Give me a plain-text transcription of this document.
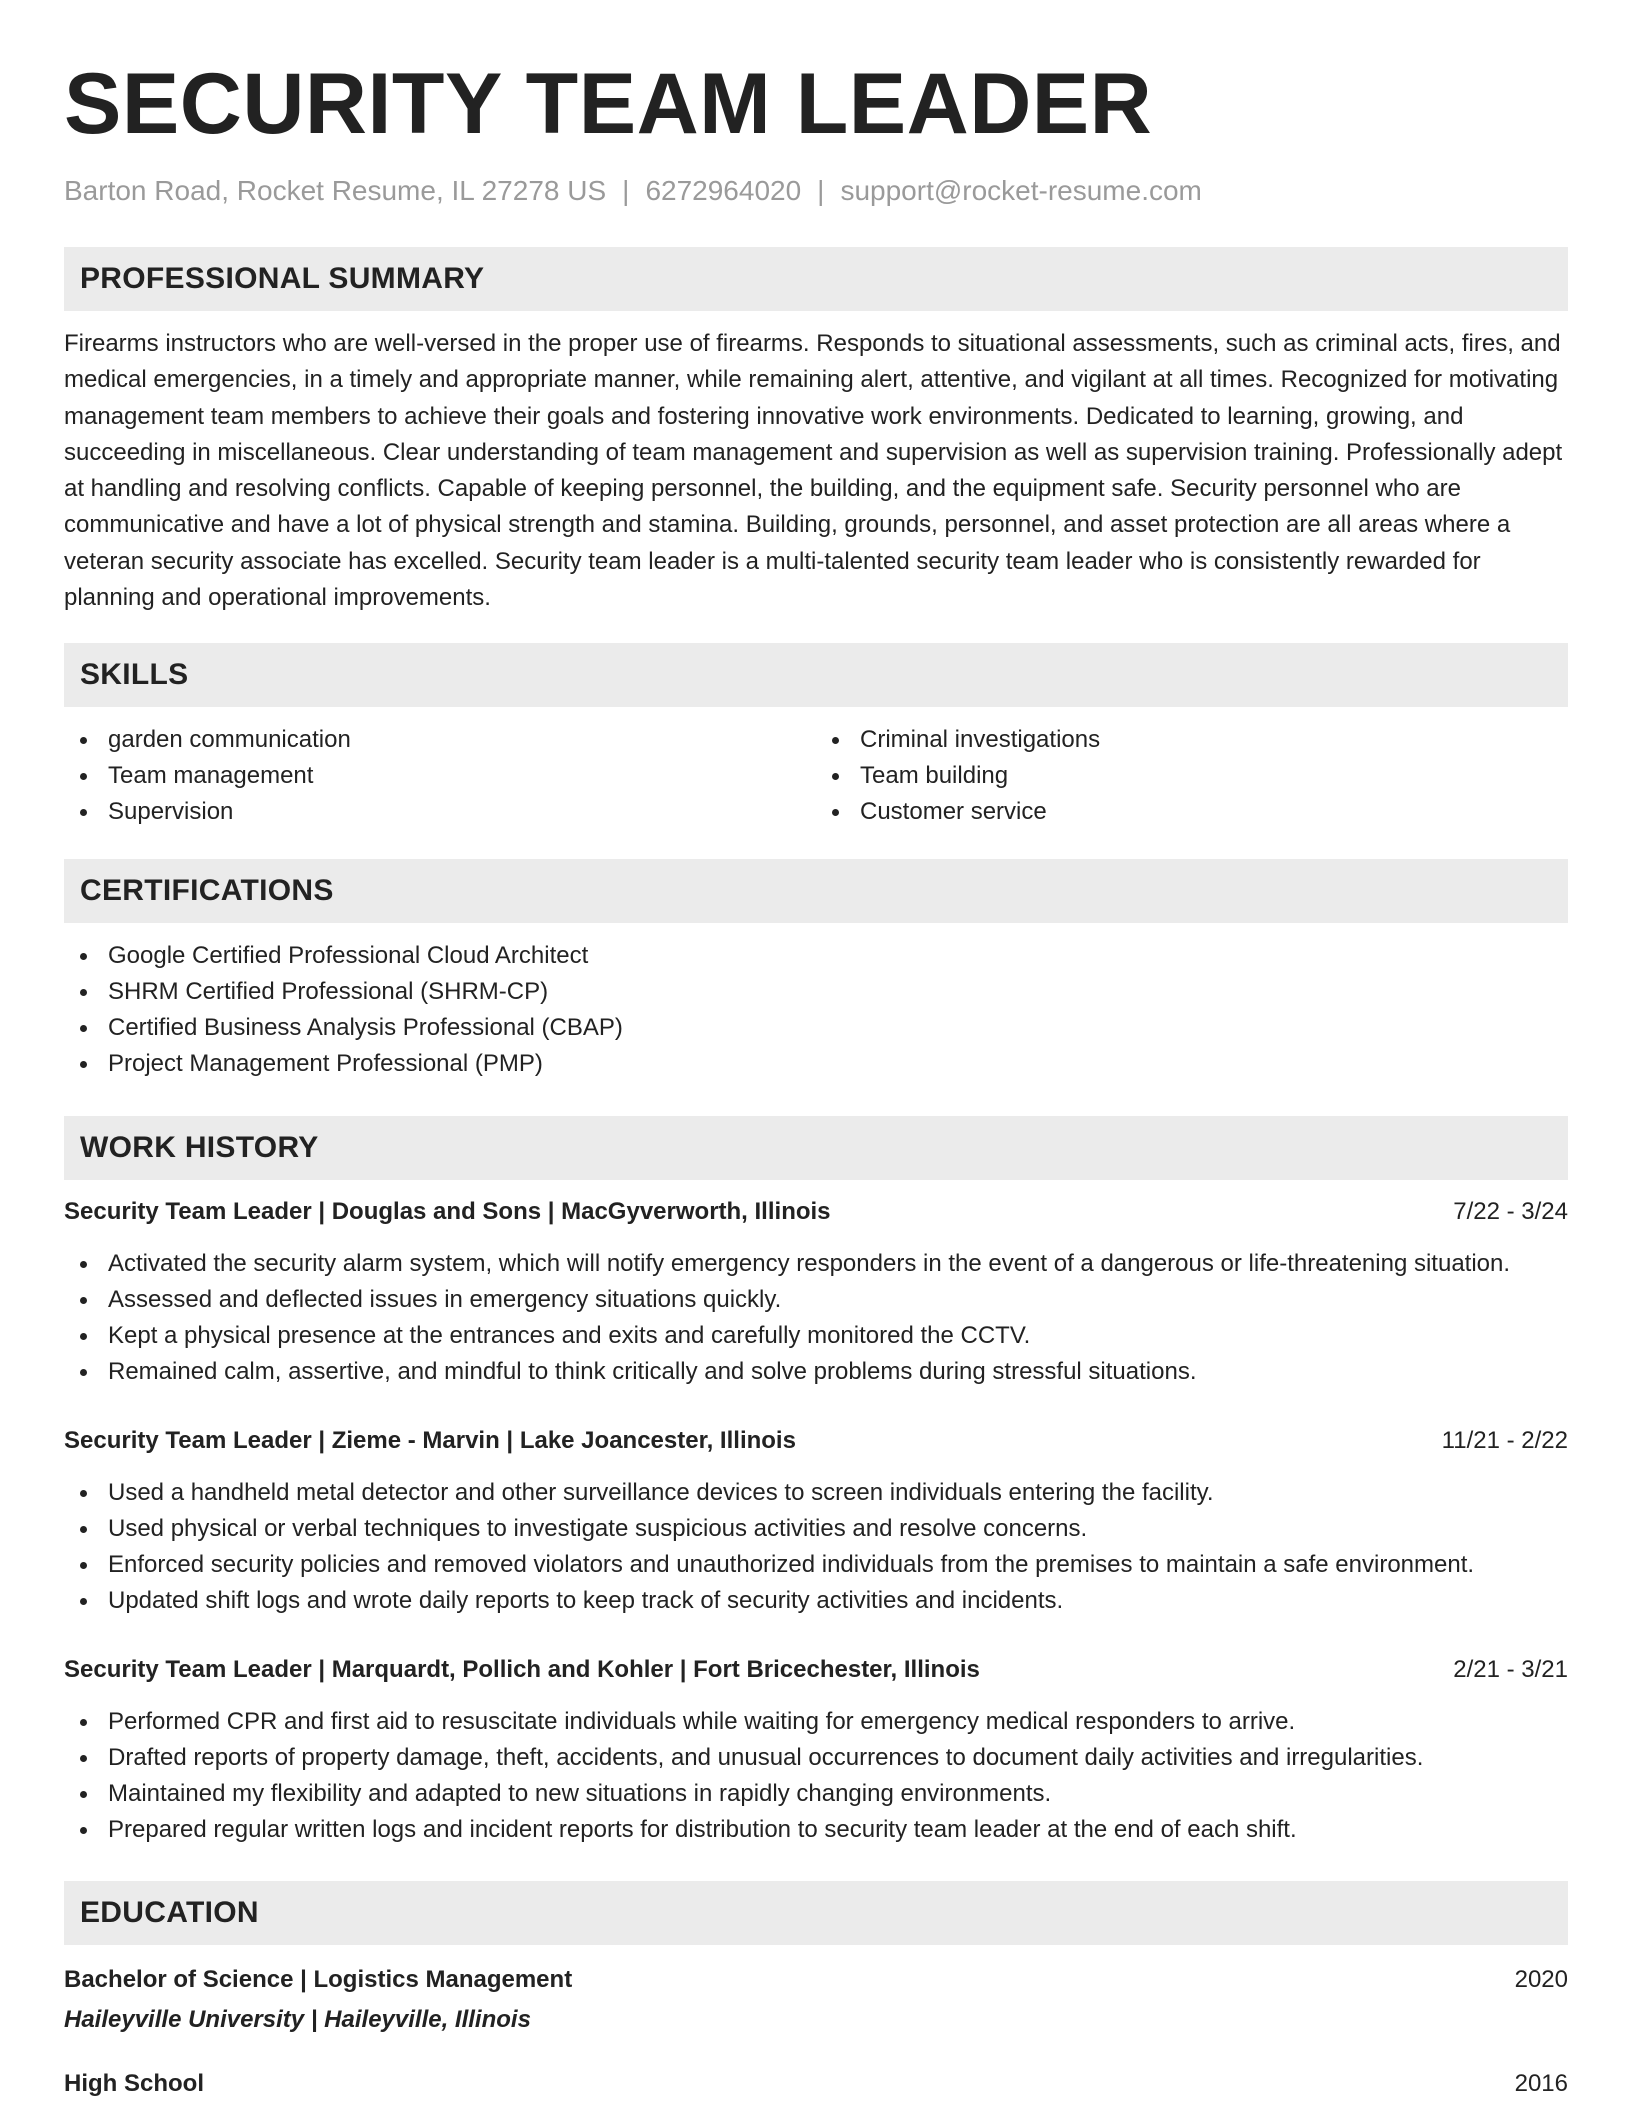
SECURITY TEAM LEADER
Barton Road, Rocket Resume, IL 27278 US | 6272964020 | support@rocket-resume.com
PROFESSIONAL SUMMARY

Firearms instructors who are well-versed in the proper use of firearms. Responds to situational assessments, such as criminal acts, fires, and medical emergencies, in a timely and appropriate manner, while remaining alert, attentive, and vigilant at all times. Recognized for motivating management team members to achieve their goals and fostering innovative work environments. Dedicated to learning, growing, and succeeding in miscellaneous. Clear understanding of team management and supervision as well as supervision training. Professionally adept at handling and resolving conflicts. Capable of keeping personnel, the building, and the equipment safe. Security personnel who are communicative and have a lot of physical strength and stamina. Building, grounds, personnel, and asset protection are all areas where a veteran security associate has excelled. Security team leader is a multi-talented security team leader who is consistently rewarded for planning and operational improvements.

SKILLS
garden communication
Team management
Supervision
Criminal investigations
Team building
Customer service
CERTIFICATIONS
Google Certified Professional Cloud Architect
SHRM Certified Professional (SHRM-CP)
Certified Business Analysis Professional (CBAP)
Project Management Professional (PMP)
WORK HISTORY
Security Team Leader | Douglas and Sons | MacGyverworth, Illinois	7/22 - 3/24
Activated the security alarm system, which will notify emergency responders in the event of a dangerous or life-threatening situation.
Assessed and deflected issues in emergency situations quickly.
Kept a physical presence at the entrances and exits and carefully monitored the CCTV.
Remained calm, assertive, and mindful to think critically and solve problems during stressful situations.
Security Team Leader | Zieme - Marvin | Lake Joancester, Illinois	11/21 - 2/22
Used a handheld metal detector and other surveillance devices to screen individuals entering the facility.
Used physical or verbal techniques to investigate suspicious activities and resolve concerns.
Enforced security policies and removed violators and unauthorized individuals from the premises to maintain a safe environment.
Updated shift logs and wrote daily reports to keep track of security activities and incidents.
Security Team Leader | Marquardt, Pollich and Kohler | Fort Bricechester, Illinois	2/21 - 3/21
Performed CPR and first aid to resuscitate individuals while waiting for emergency medical responders to arrive.
Drafted reports of property damage, theft, accidents, and unusual occurrences to document daily activities and irregularities.
Maintained my flexibility and adapted to new situations in rapidly changing environments.
Prepared regular written logs and incident reports for distribution to security team leader at the end of each shift.
EDUCATION
Bachelor of Science | Logistics Management	2020
Haileyville University | Haileyville, Illinois
High School	2016
